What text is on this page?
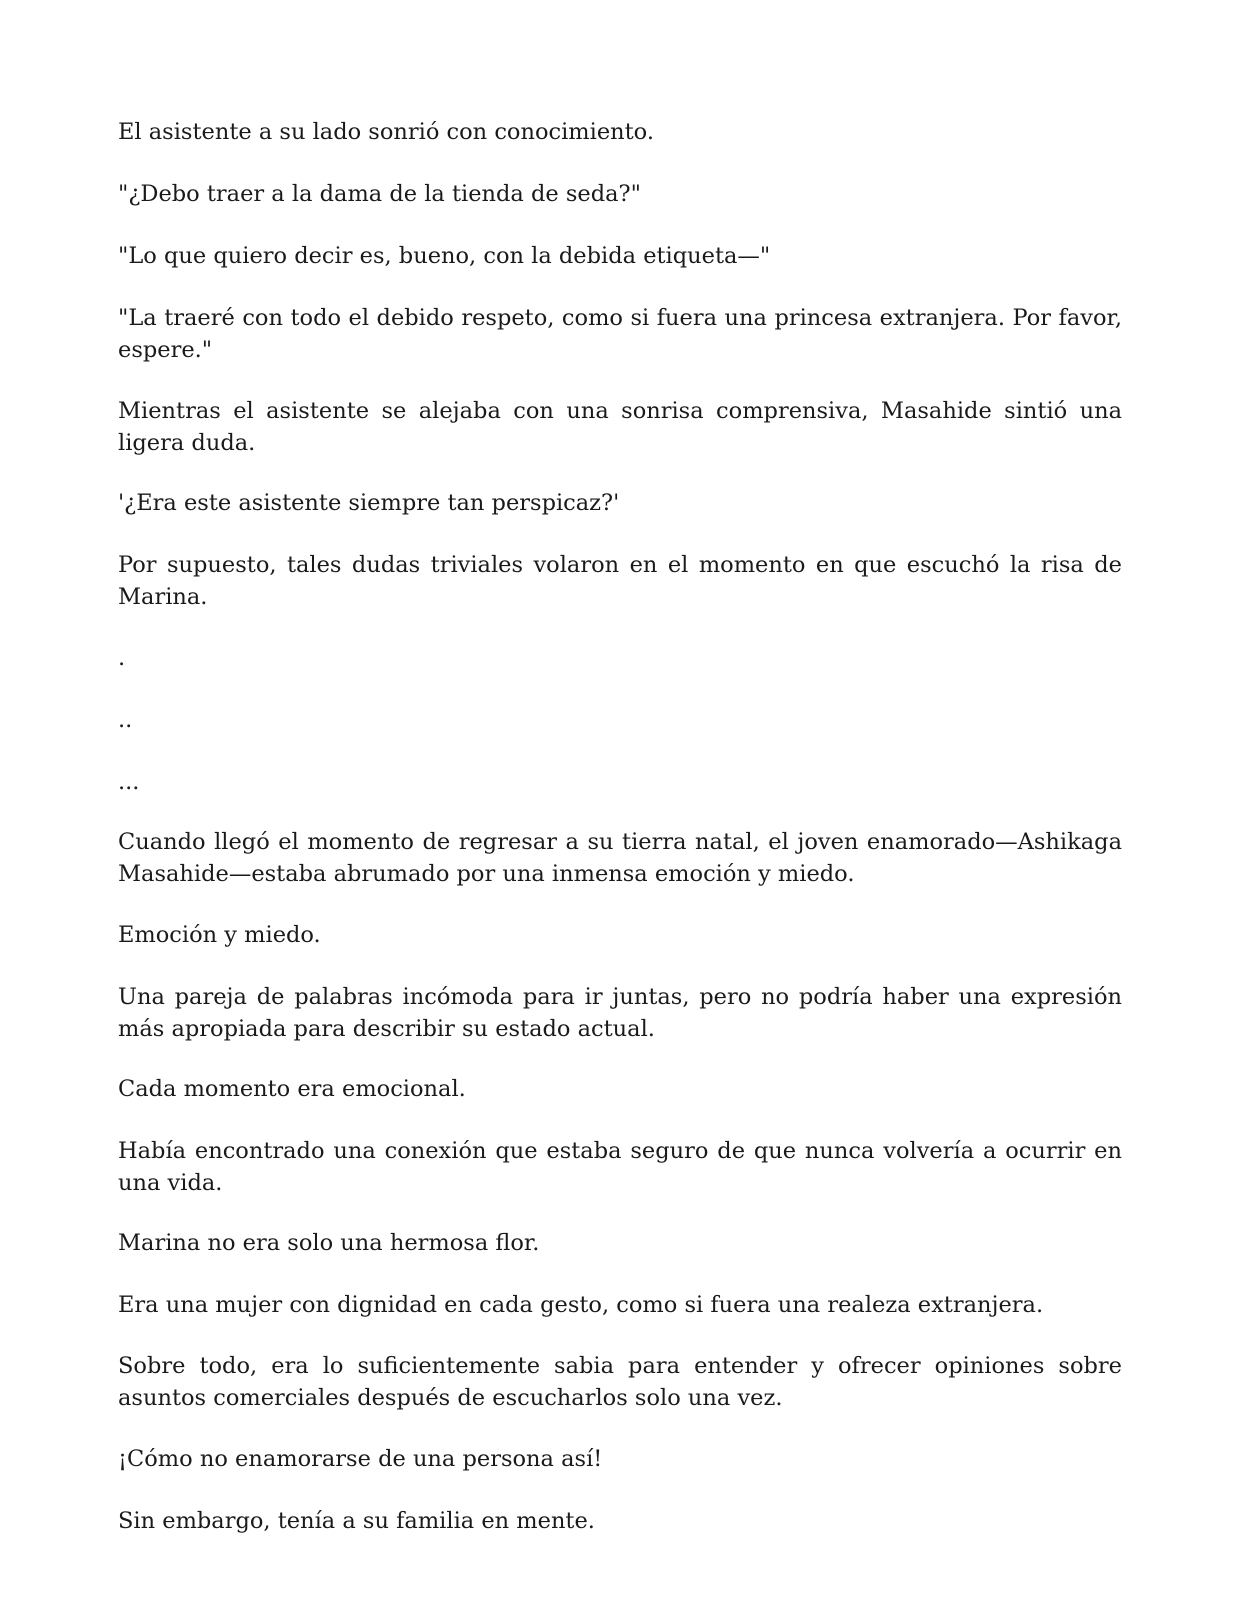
El asistente a su lado sonrió con conocimiento.

"¿Debo traer a la dama de la tienda de seda?"

"Lo que quiero decir es, bueno, con la debida etiqueta—"

"La traeré con todo el debido respeto, como si fuera una princesa extranjera. Por favor, espere."

Mientras el asistente se alejaba con una sonrisa comprensiva, Masahide sintió una ligera duda.

'¿Era este asistente siempre tan perspicaz?'

Por supuesto, tales dudas triviales volaron en el momento en que escuchó la risa de Marina.

.

..

...

Cuando llegó el momento de regresar a su tierra natal, el joven enamorado—Ashikaga Masahide—estaba abrumado por una inmensa emoción y miedo.

Emoción y miedo.

Una pareja de palabras incómoda para ir juntas, pero no podría haber una expresión más apropiada para describir su estado actual.

Cada momento era emocional.

Había encontrado una conexión que estaba seguro de que nunca volvería a ocurrir en una vida.

Marina no era solo una hermosa flor.

Era una mujer con dignidad en cada gesto, como si fuera una realeza extranjera.

Sobre todo, era lo suficientemente sabia para entender y ofrecer opiniones sobre asuntos comerciales después de escucharlos solo una vez.

¡Cómo no enamorarse de una persona así!

Sin embargo, tenía a su familia en mente.
